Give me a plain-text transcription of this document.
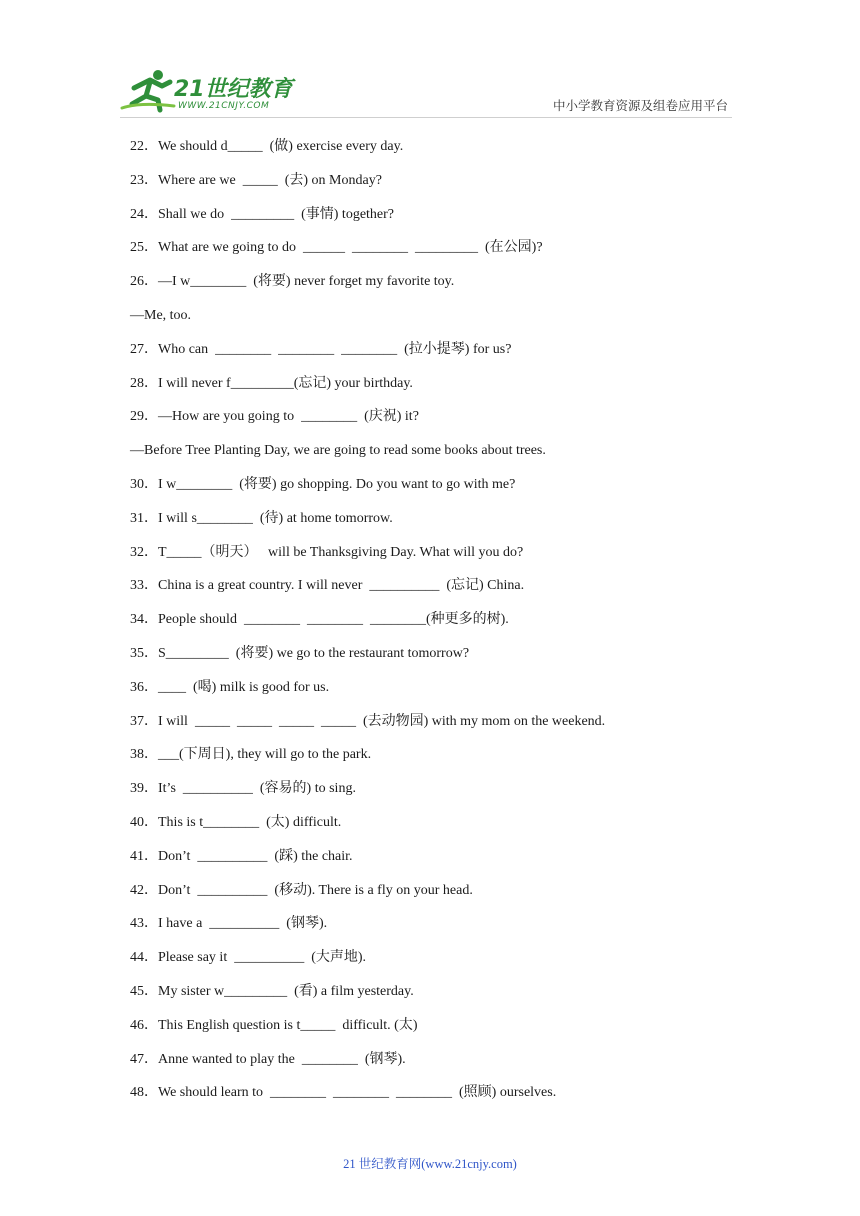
21世纪教育
WWW.21CNJY.COM	中小学教育资源及组卷应用平台
22．We should d_____  (做) exercise every day.
23．Where are we  _____  (去) on Monday?
24．Shall we do  _________  (事情) together?
25．What are we going to do  ______  ________  _________  (在公园)?
26．—I w________  (将要) never forget my favorite toy.
—Me, too.
27．Who can  ________  ________  ________  (拉小提琴) for us?
28．I will never f_________(忘记) your birthday.
29．—How are you going to  ________  (庆祝) it?
—Before Tree Planting Day, we are going to read some books about trees.
30．I w________  (将要) go shopping. Do you want to go with me?
31．I will s________  (待) at home tomorrow.
32．T_____（明天）   will be Thanksgiving Day. What will you do?
33．China is a great country. I will never  __________  (忘记) China.
34．People should  ________  ________  ________(种更多的树).
35．S_________  (将要) we go to the restaurant tomorrow?
36．____  (喝) milk is good for us.
37．I will  _____  _____  _____  _____  (去动物园) with my mom on the weekend.
38．___(下周日), they will go to the park.
39．It’s  __________  (容易的) to sing.
40．This is t________  (太) difficult.
41．Don’t  __________  (踩) the chair.
42．Don’t  __________  (移动). There is a fly on your head.
43．I have a  __________  (钢琴).
44．Please say it  __________  (大声地).
45．My sister w_________  (看) a film yesterday.
46．This English question is t_____  difficult. (太)
47．Anne wanted to play the  ________  (钢琴).
48．We should learn to  ________  ________  ________  (照顾) ourselves.
21 世纪教育网(www.21cnjy.com)
